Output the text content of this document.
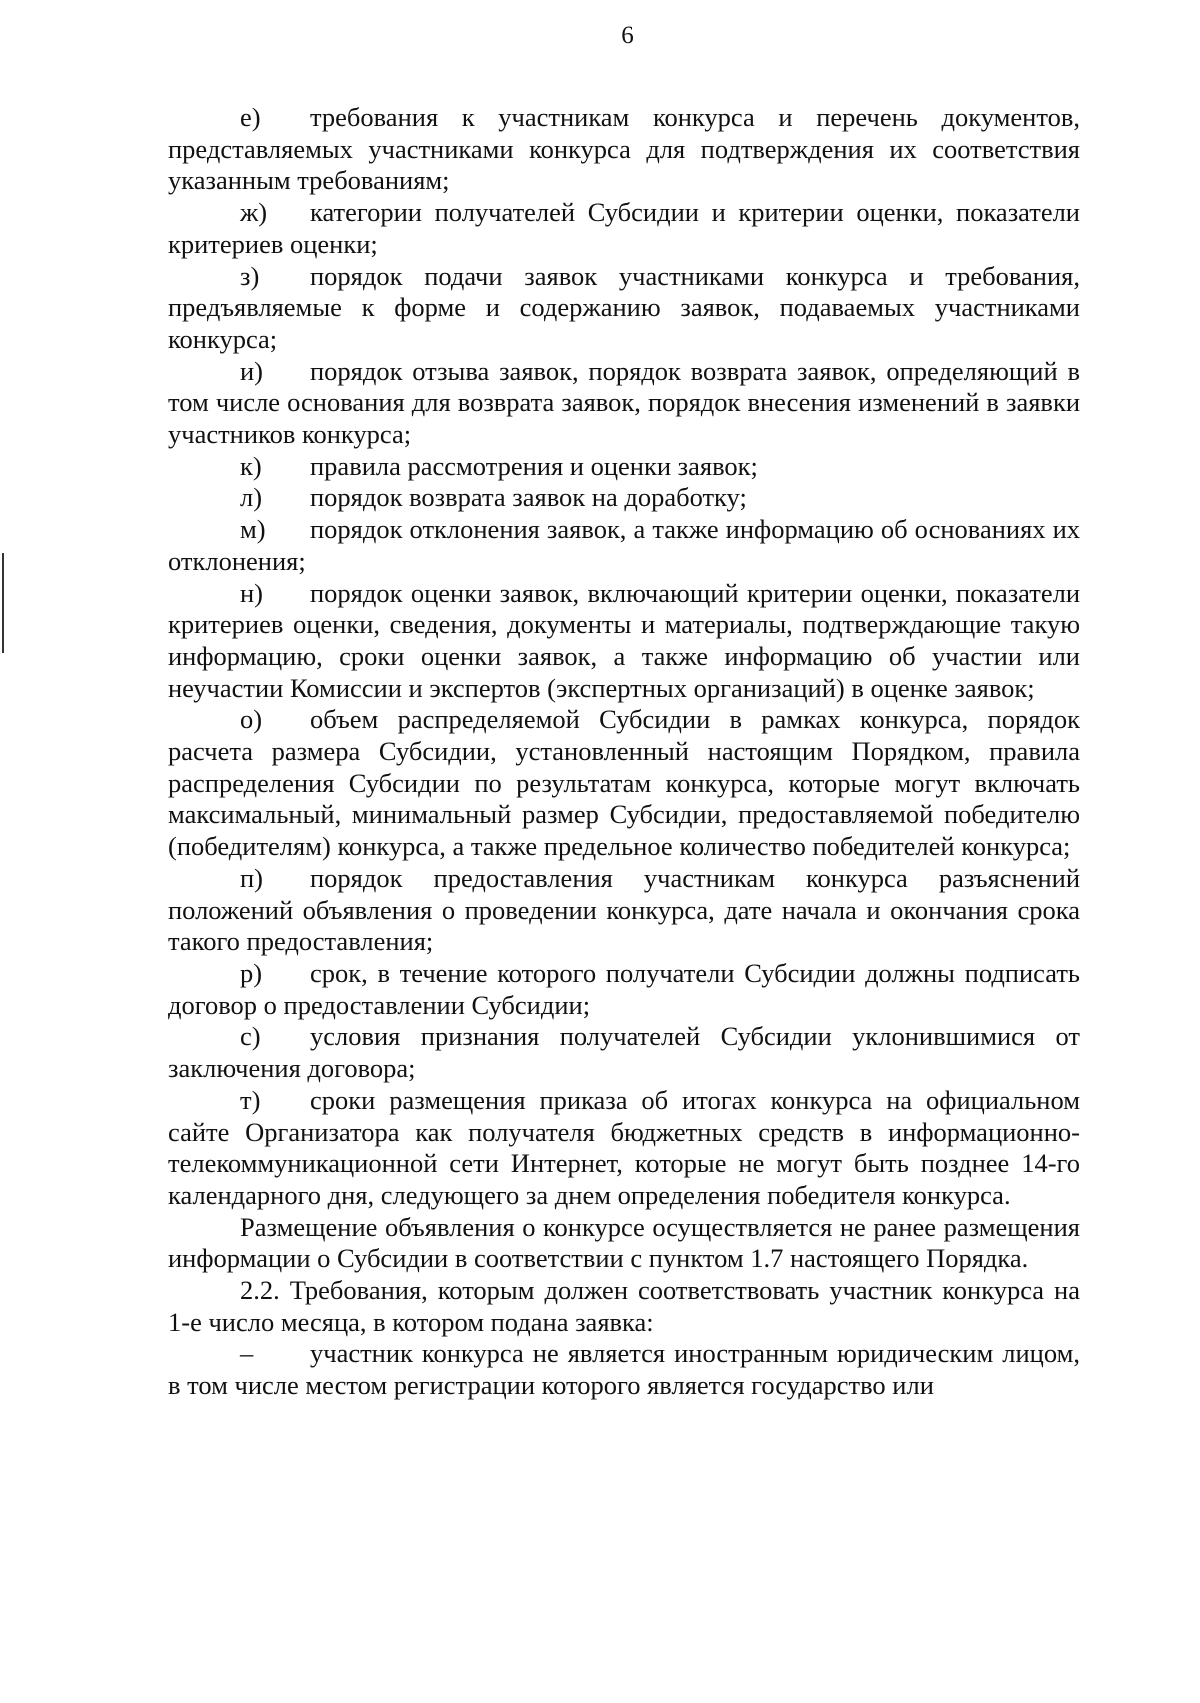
6

е) требования к участникам конкурса и перечень документов, представляемых участниками конкурса для подтверждения их соответствия указанным требованиям;

ж) категории получателей Субсидии и критерии оценки, показатели критериев оценки;

з) порядок подачи заявок участниками конкурса и требования, предъявляемые к форме и содержанию заявок, подаваемых участниками конкурса;

и) порядок отзыва заявок, порядок возврата заявок, определяющий в том числе основания для возврата заявок, порядок внесения изменений в заявки участников конкурса;

к) правила рассмотрения и оценки заявок;

л) порядок возврата заявок на доработку;

м) порядок отклонения заявок, а также информацию об основаниях их отклонения;

н) порядок оценки заявок, включающий критерии оценки, показатели критериев оценки, сведения, документы и материалы, подтверждающие такую информацию, сроки оценки заявок, а также информацию об участии или неучастии Комиссии и экспертов (экспертных организаций) в оценке заявок;

о) объем распределяемой Субсидии в рамках конкурса, порядок расчета размера Субсидии, установленный настоящим Порядком, правила распределения Субсидии по результатам конкурса, которые могут включать максимальный, минимальный размер Субсидии, предоставляемой победителю (победителям) конкурса, а также предельное количество победителей конкурса;

п) порядок предоставления участникам конкурса разъяснений положений объявления о проведении конкурса, дате начала и окончания срока такого предоставления;

р) срок, в течение которого получатели Субсидии должны подписать договор о предоставлении Субсидии;

с) условия признания получателей Субсидии уклонившимися от заключения договора;

т) сроки размещения приказа об итогах конкурса на официальном сайте Организатора как получателя бюджетных средств в информационно-телекоммуникационной сети Интернет, которые не могут быть позднее 14-го календарного дня, следующего за днем определения победителя конкурса.

Размещение объявления о конкурсе осуществляется не ранее размещения информации о Субсидии в соответствии с пунктом 1.7 настоящего Порядка.

2.2. Требования, которым должен соответствовать участник конкурса на 1-е число месяца, в котором подана заявка:

– участник конкурса не является иностранным юридическим лицом, в том числе местом регистрации которого является государство или
